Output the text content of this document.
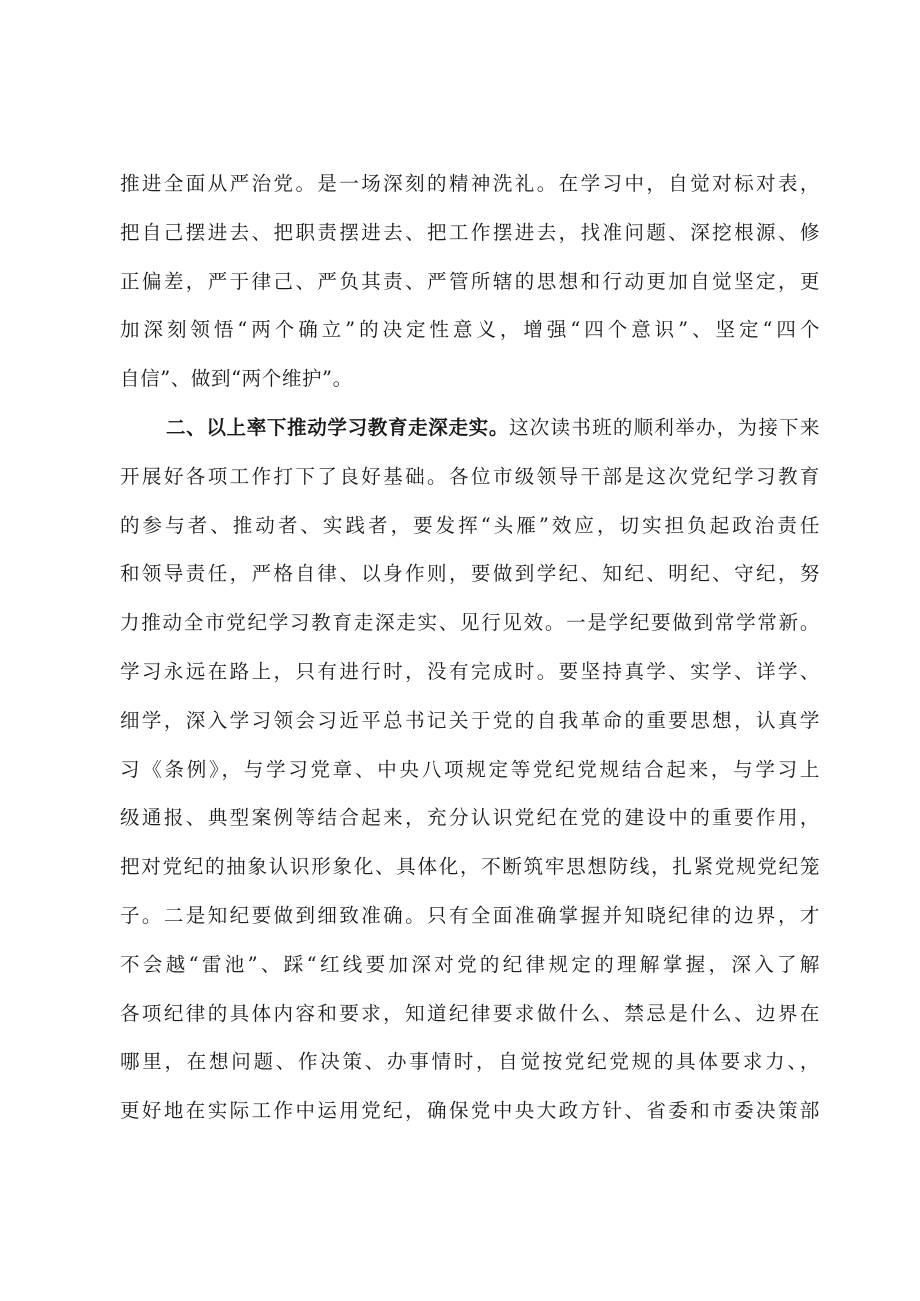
推进全面从严治党。是一场深刻的精神洗礼。在学习中，自觉对标对表，
把自己摆进去、把职责摆进去、把工作摆进去，找准问题、深挖根源、修
正偏差，严于律己、严负其责、严管所辖的思想和行动更加自觉坚定，更
加深刻领悟“两个确立”的决定性意义，增强“四个意识”、坚定“四个
自信”、做到“两个维护”。
二、以上率下推动学习教育走深走实。这次读书班的顺利举办，为接下来
开展好各项工作打下了良好基础。各位市级领导干部是这次党纪学习教育
的参与者、推动者、实践者，要发挥“头雁”效应，切实担负起政治责任
和领导责任，严格自律、以身作则，要做到学纪、知纪、明纪、守纪，努
力推动全市党纪学习教育走深走实、见行见效。一是学纪要做到常学常新。
学习永远在路上，只有进行时，没有完成时。要坚持真学、实学、详学、
细学，深入学习领会习近平总书记关于党的自我革命的重要思想，认真学
习《条例》，与学习党章、中央八项规定等党纪党规结合起来，与学习上
级通报、典型案例等结合起来，充分认识党纪在党的建设中的重要作用，
把对党纪的抽象认识形象化、具体化，不断筑牢思想防线，扎紧党规党纪笼
子。二是知纪要做到细致准确。只有全面准确掌握并知晓纪律的边界，才
不会越“雷池”、踩“红线要加深对党的纪律规定的理解掌握，深入了解
各项纪律的具体内容和要求，知道纪律要求做什么、禁忌是什么、边界在
哪里，在想问题、作决策、办事情时，自觉按党纪党规的具体要求力、，
更好地在实际工作中运用党纪，确保党中央大政方针、省委和市委决策部
